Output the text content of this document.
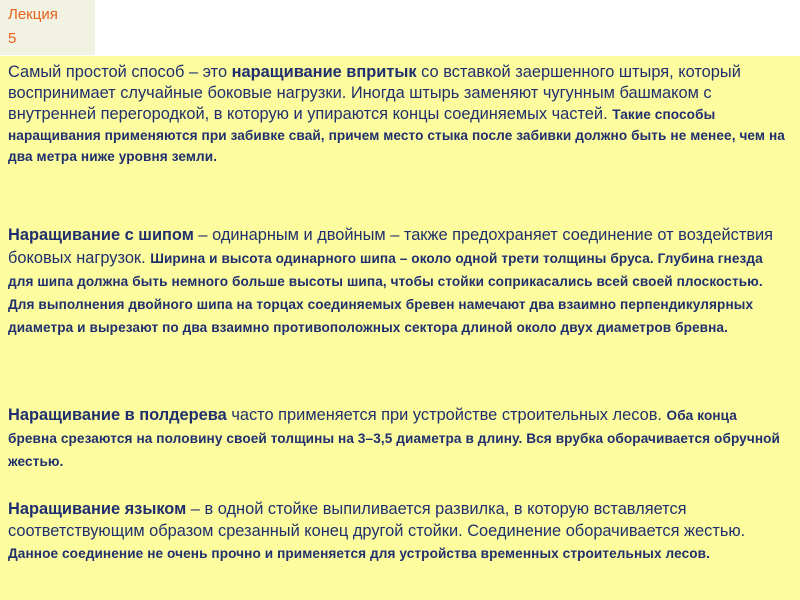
Лекция
5
Самый простой способ – это наращивание впритык со вставкой заершенного штыря, который воспринимает случайные боковые нагрузки. Иногда штырь заменяют чугунным башмаком с внутренней перегородкой, в которую и упираются концы соединяемых частей. Такие способы наращивания применяются при забивке свай, причем место стыка после забивки должно быть не менее, чем на два метра ниже уровня земли.
Наращивание с шипом – одинарным и двойным – также предохраняет соединение от воздействия боковых нагрузок. Ширина и высота одинарного шипа – около одной трети толщины бруса. Глубина гнезда для шипа должна быть немного больше высоты шипа, чтобы стойки соприкасались всей своей плоскостью. Для выполнения двойного шипа на торцах соединяемых бревен намечают два взаимно перпендикулярных диаметра и вырезают по два взаимно противоположных сектора длиной около двух диаметров бревна.
Наращивание в полдерева часто применяется при устройстве строительных лесов. Оба конца бревна срезаются на половину своей толщины на 3–3,5 диаметра в длину. Вся врубка оборачивается обручной жестью.
Наращивание языком – в одной стойке выпиливается развилка, в которую вставляется соответствующим образом срезанный конец другой стойки. Соединение оборачивается жестью. Данное соединение не очень прочно и применяется для устройства временных строительных лесов.
